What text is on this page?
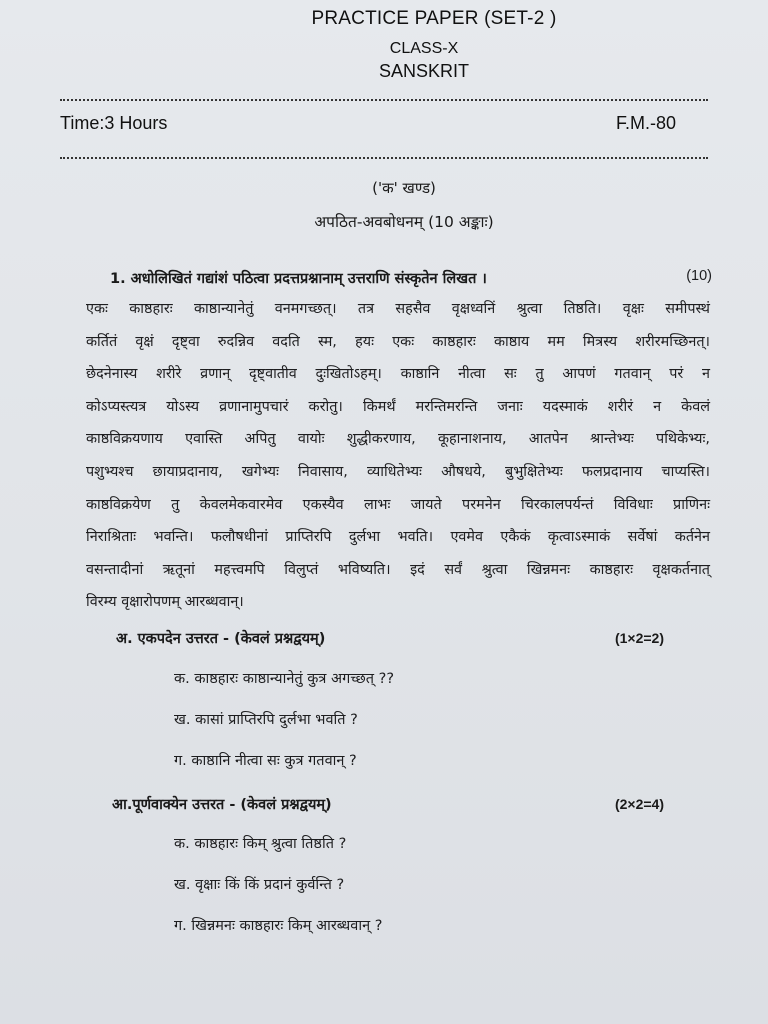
PRACTICE PAPER (SET-2 )
CLASS-X
SANSKRIT
Time:3 Hours	F.M.-80
('क' खण्ड)
अपठित-अवबोधनम् (10 अङ्काः)
1. अधोलिखितं गद्यांशं पठित्वा प्रदत्तप्रश्नानाम् उत्तराणि संस्कृतेन लिखत ।	(10)
एकः काष्ठहारः काष्ठान्यानेतुं वनमगच्छत्। तत्र सहसैव वृक्षध्वनिं श्रुत्वा तिष्ठति। वृक्षः समीपस्थं
कर्तितं वृक्षं दृष्ट्वा रुदन्निव वदति स्म, हयः एकः काष्ठहारः काष्ठाय मम मित्रस्य शरीरमच्छिनत्।
छेदनेनास्य शरीरे व्रणान् दृष्ट्वातीव दुःखितोऽहम्। काष्ठानि नीत्वा सः तु आपणं गतवान् परं न
कोऽप्यस्त्यत्र योऽस्य व्रणानामुपचारं करोतु। किमर्थं मरन्तिमरन्ति जनाः यदस्माकं शरीरं न केवलं
काष्ठविक्रयणाय एवास्ति अपितु वायोः शुद्धीकरणाय, कूहानाशनाय, आतपेन श्रान्तेभ्यः पथिकेभ्यः,
पशुभ्यश्च छायाप्रदानाय, खगेभ्यः निवासाय, व्याधितेभ्यः औषधये, बुभुक्षितेभ्यः फलप्रदानाय चाप्यस्ति।
काष्ठविक्रयेण तु केवलमेकवारमेव एकस्यैव लाभः जायते परमनेन चिरकालपर्यन्तं विविधाः प्राणिनः
निराश्रिताः भवन्ति। फलौषधीनां प्राप्तिरपि दुर्लभा भवति। एवमेव एकैकं कृत्वाऽस्माकं सर्वेषां कर्तनेन
वसन्तादीनां ऋतूनां महत्त्वमपि विलुप्तं भविष्यति। इदं सर्वं श्रुत्वा खिन्नमनः काष्ठहारः वृक्षकर्तनात्
विरम्य वृक्षारोपणम् आरब्धवान्।
अ. एकपदेन उत्तरत - (केवलं प्रश्नद्वयम्)	(1×2=2)
क. काष्ठहारः काष्ठान्यानेतुं कुत्र अगच्छत् ??
ख. कासां प्राप्तिरपि दुर्लभा भवति ?
ग. काष्ठानि नीत्वा सः कुत्र गतवान् ?
आ.पूर्णवाक्येन उत्तरत - (केवलं प्रश्नद्वयम्)	(2×2=4)
क. काष्ठहारः किम् श्रुत्वा तिष्ठति ?
ख. वृक्षाः किं किं प्रदानं कुर्वन्ति ?
ग. खिन्नमनः काष्ठहारः किम् आरब्धवान् ?
